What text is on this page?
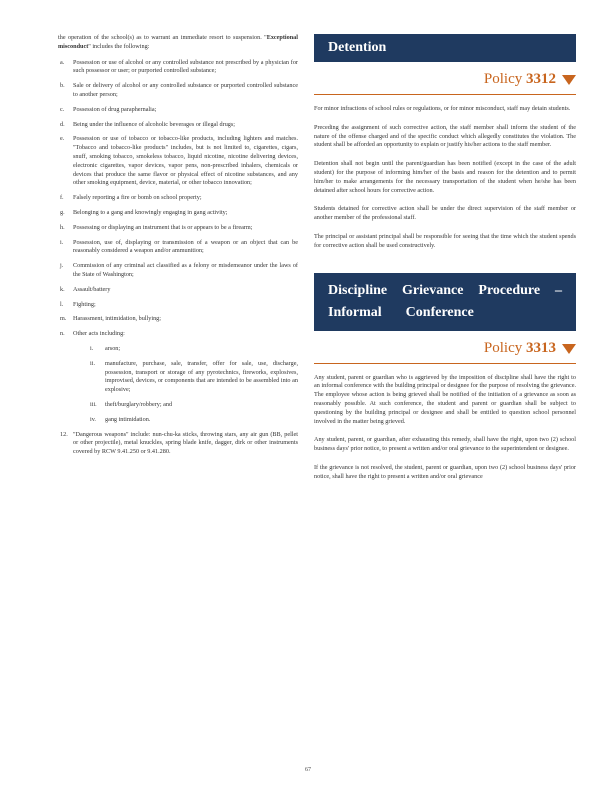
the operation of the school(s) as to warrant an immediate resort to suspension. "Exceptional misconduct" includes the following:

a.	Possession or use of alcohol or any controlled substance not prescribed by a physician for such possessor or user; or purported controlled substance;
b.	Sale or delivery of alcohol or any controlled substance or purported controlled substance to another person;
c.	Possession of drug paraphernalia;
d.	Being under the influence of alcoholic beverages or illegal drugs;
e.	Possession or use of tobacco or tobacco-like products, including lighters and matches. "Tobacco and tobacco-like products" includes, but is not limited to, cigarettes, cigars, snuff, smoking tobacco, smokeless tobacco, liquid nicotine, nicotine delivering devices, electronic cigarettes, vapor devices, vapor pens, non-prescribed inhalers, chemicals or devices that produce the same flavor or physical effect of nicotine substances, and any other smoking equipment, device, material, or other tobacco innovation;
f.	Falsely reporting a fire or bomb on school property;
g.	Belonging to a gang and knowingly engaging in gang activity;
h.	Possessing or displaying an instrument that is or appears to be a firearm;
i.	Possession, use of, displaying or transmission of a weapon or an object that can be reasonably considered a weapon and/or ammunition;
j.	Commission of any criminal act classified as a felony or misdemeanor under the laws of the State of Washington;
k.	Assault/battery
l.	Fighting;
m.	Harassment, intimidation, bullying;
n.	Other acts including:
i.	arson;
ii.	manufacture, purchase, sale, transfer, offer for sale, use, discharge, possession, transport or storage of any pyrotechnics, fireworks, explosives, improvised, devices, or components that are intended to be assembled into an explosive;
iii.	theft/burglary/robbery; and
iv.	gang intimidation.
12. "Dangerous weapons" include: nun-chu-ka sticks, throwing stars, any air gun (BB, pellet or other projectile), metal knuckles, spring blade knife, dagger, dirk or other instruments covered by RCW 9.41.250 or 9.41.280.
Detention
Policy 3312

For minor infractions of school rules or regulations, or for minor misconduct, staff may detain students.

Preceding the assignment of such corrective action, the staff member shall inform the student of the nature of the offense charged and of the specific conduct which allegedly constitutes the violation. The student shall be afforded an opportunity to explain or justify his/her actions to the staff member.

Detention shall not begin until the parent/guardian has been notified (except in the case of the adult student) for the purpose of informing him/her of the basis and reason for the detention and to permit him/her to make arrangements for the necessary transportation of the student when he/she has been detained after school hours for corrective action.

Students detained for corrective action shall be under the direct supervision of the staff member or another member of the professional staff.

The principal or assistant principal shall be responsible for seeing that the time which the student spends for corrective action shall be used constructively.

Discipline Grievance Procedure –
Informal Conference
Policy 3313

Any student, parent or guardian who is aggrieved by the imposition of discipline shall have the right to an informal conference with the building principal or designee for the purpose of resolving the grievance. The employee whose action is being grieved shall be notified of the initiation of a grievance as soon as reasonably possible. At such conference, the student and parent or guardian shall be subject to questioning by the building principal or designee and shall be entitled to question school personnel involved in the matter being grieved.

Any student, parent, or guardian, after exhausting this remedy, shall have the right, upon two (2) school business days' prior notice, to present a written and/or oral grievance to the superintendent or designee.

If the grievance is not resolved, the student, parent or guardian, upon two (2) school business days' prior notice, shall have the right to present a written and/or oral grievance

67
